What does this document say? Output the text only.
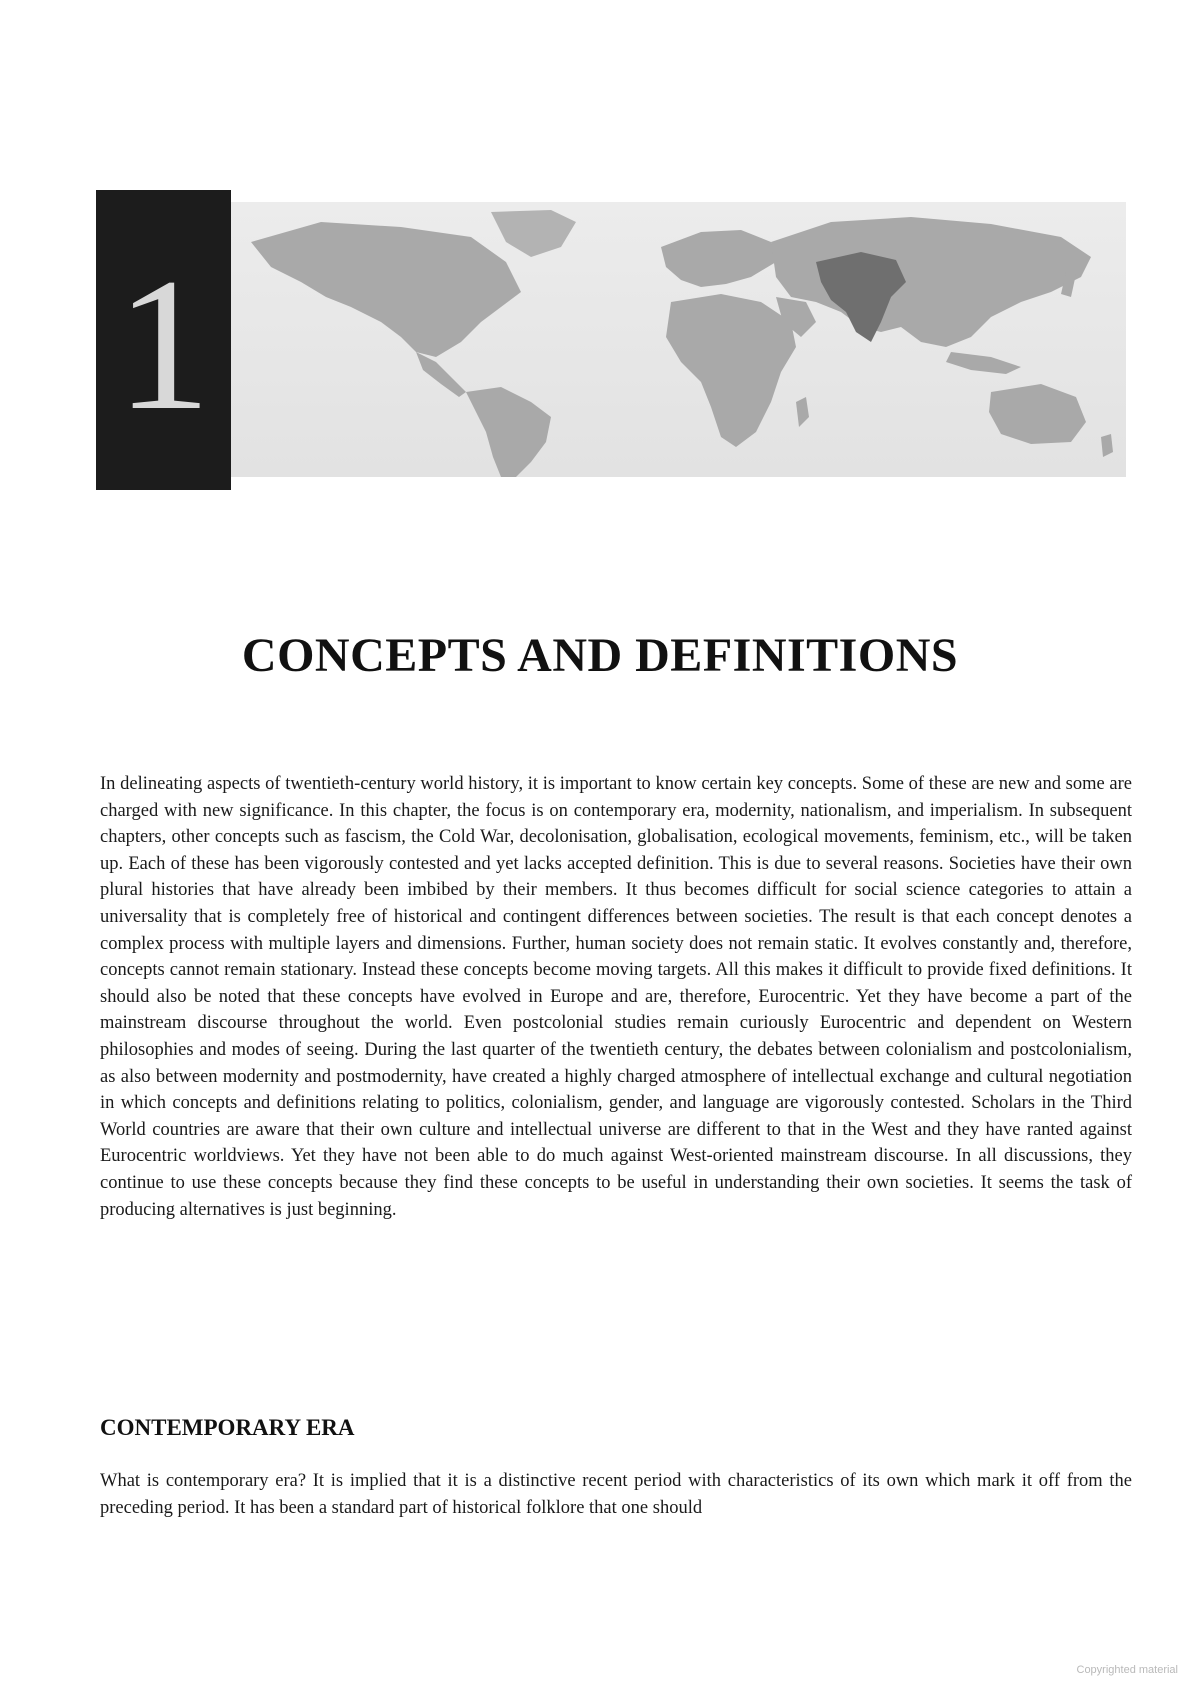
1
CONCEPTS AND DEFINITIONS

In delineating aspects of twentieth-century world history, it is important to know certain key concepts. Some of these are new and some are charged with new significance. In this chapter, the focus is on contemporary era, modernity, nationalism, and imperialism. In subsequent chapters, other concepts such as fascism, the Cold War, decolonisation, globalisation, ecological movements, feminism, etc., will be taken up. Each of these has been vigorously contested and yet lacks accepted definition. This is due to several reasons. Societies have their own plural histories that have already been imbibed by their members. It thus becomes difficult for social science categories to attain a universality that is completely free of historical and contingent differences between societies. The result is that each concept denotes a complex process with multiple layers and dimensions. Further, human society does not remain static. It evolves constantly and, therefore, concepts cannot remain stationary. Instead these concepts become moving targets. All this makes it difficult to provide fixed definitions. It should also be noted that these concepts have evolved in Europe and are, therefore, Eurocentric. Yet they have become a part of the mainstream discourse throughout the world. Even postcolonial studies remain curiously Eurocentric and dependent on Western philosophies and modes of seeing. During the last quarter of the twentieth century, the debates between colonialism and postcolonialism, as also between modernity and postmodernity, have created a highly charged atmosphere of intellectual exchange and cultural negotiation in which concepts and definitions relating to politics, colonialism, gender, and language are vigorously contested. Scholars in the Third World countries are aware that their own culture and intellectual universe are different to that in the West and they have ranted against Eurocentric worldviews. Yet they have not been able to do much against West-oriented mainstream discourse. In all discussions, they continue to use these concepts because they find these concepts to be useful in understanding their own societies. It seems the task of producing alternatives is just beginning.

CONTEMPORARY ERA

What is contemporary era? It is implied that it is a distinctive recent period with characteristics of its own which mark it off from the preceding period. It has been a standard part of historical folklore that one should

Copyrighted material
